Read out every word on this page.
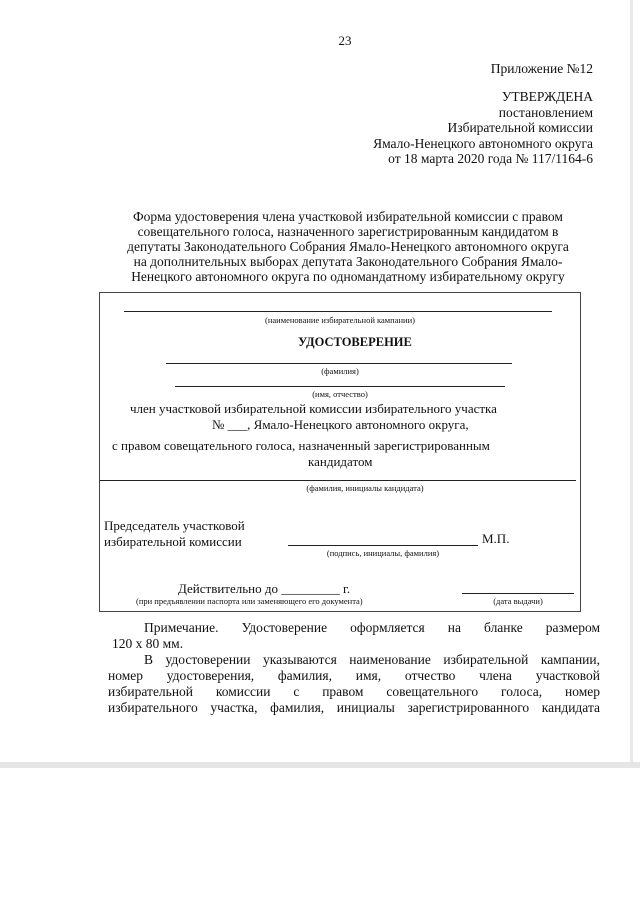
23
Приложение №12
УТВЕРЖДЕНА
постановлением
Избирательной комиссии
Ямало-Ненецкого автономного округа
от 18 марта 2020 года № 117/1164-6
Форма удостоверения члена участковой избирательной комиссии с правом
совещательного голоса, назначенного зарегистрированным кандидатом в
депутаты Законодательного Собрания Ямало-Ненецкого автономного округа
на дополнительных выборах депутата Законодательного Собрания Ямало-
Ненецкого автономного округа по одномандатному избирательному округу
(наименование избирательной кампании)
УДОСТОВЕРЕНИЕ
(фамилия)
(имя, отчество)
член участковой избирательной комиссии избирательного участка
№ ___, Ямало-Ненецкого автономного округа,
с правом совещательного голоса, назначенный зарегистрированным
кандидатом
(фамилия, инициалы кандидата)
Председатель участковой
избирательной комиссии	М.П.
(подпись, инициалы, фамилия)
Действительно до _________ г.
(при предъявлении паспорта или заменяющего его документа)	(дата выдачи)

Примечание. Удостоверение оформляется на бланке размером

120 х 80 мм.
В удостоверении указываются наименование избирательной кампании,
номер удостоверения, фамилия, имя, отчество члена участковой
избирательной комиссии с правом совещательного голоса, номер
избирательного участка, фамилия, инициалы зарегистрированного кандидата
